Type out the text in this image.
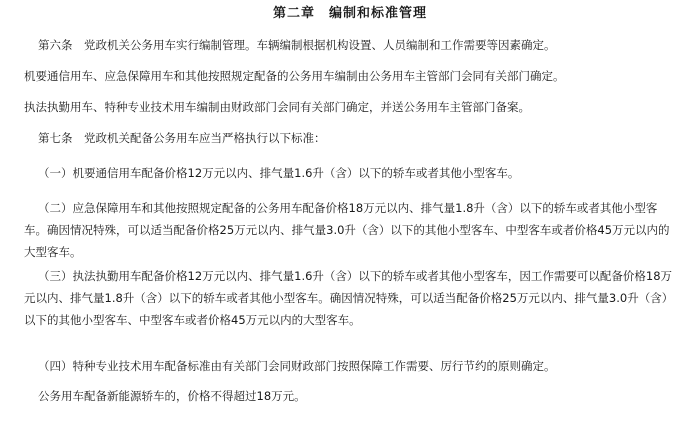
第二章　编制和标准管理
第六条　党政机关公务用车实行编制管理。车辆编制根据机构设置、人员编制和工作需要等因素确定。
机要通信用车、应急保障用车和其他按照规定配备的公务用车编制由公务用车主管部门会同有关部门确定。
执法执勤用车、特种专业技术用车编制由财政部门会同有关部门确定，并送公务用车主管部门备案。
第七条　党政机关配备公务用车应当严格执行以下标准：
（一）机要通信用车配备价格12万元以内、排气量1.6升（含）以下的轿车或者其他小型客车。
（二）应急保障用车和其他按照规定配备的公务用车配备价格18万元以内、排气量1.8升（含）以下的轿车或者其他小型客车。确因情况特殊，可以适当配备价格25万元以内、排气量3.0升（含）以下的其他小型客车、中型客车或者价格45万元以内的大型客车。
（三）执法执勤用车配备价格12万元以内、排气量1.6升（含）以下的轿车或者其他小型客车，因工作需要可以配备价格18万元以内、排气量1.8升（含）以下的轿车或者其他小型客车。确因情况特殊，可以适当配备价格25万元以内、排气量3.0升（含）以下的其他小型客车、中型客车或者价格45万元以内的大型客车。
（四）特种专业技术用车配备标准由有关部门会同财政部门按照保障工作需要、厉行节约的原则确定。
公务用车配备新能源轿车的，价格不得超过18万元。
